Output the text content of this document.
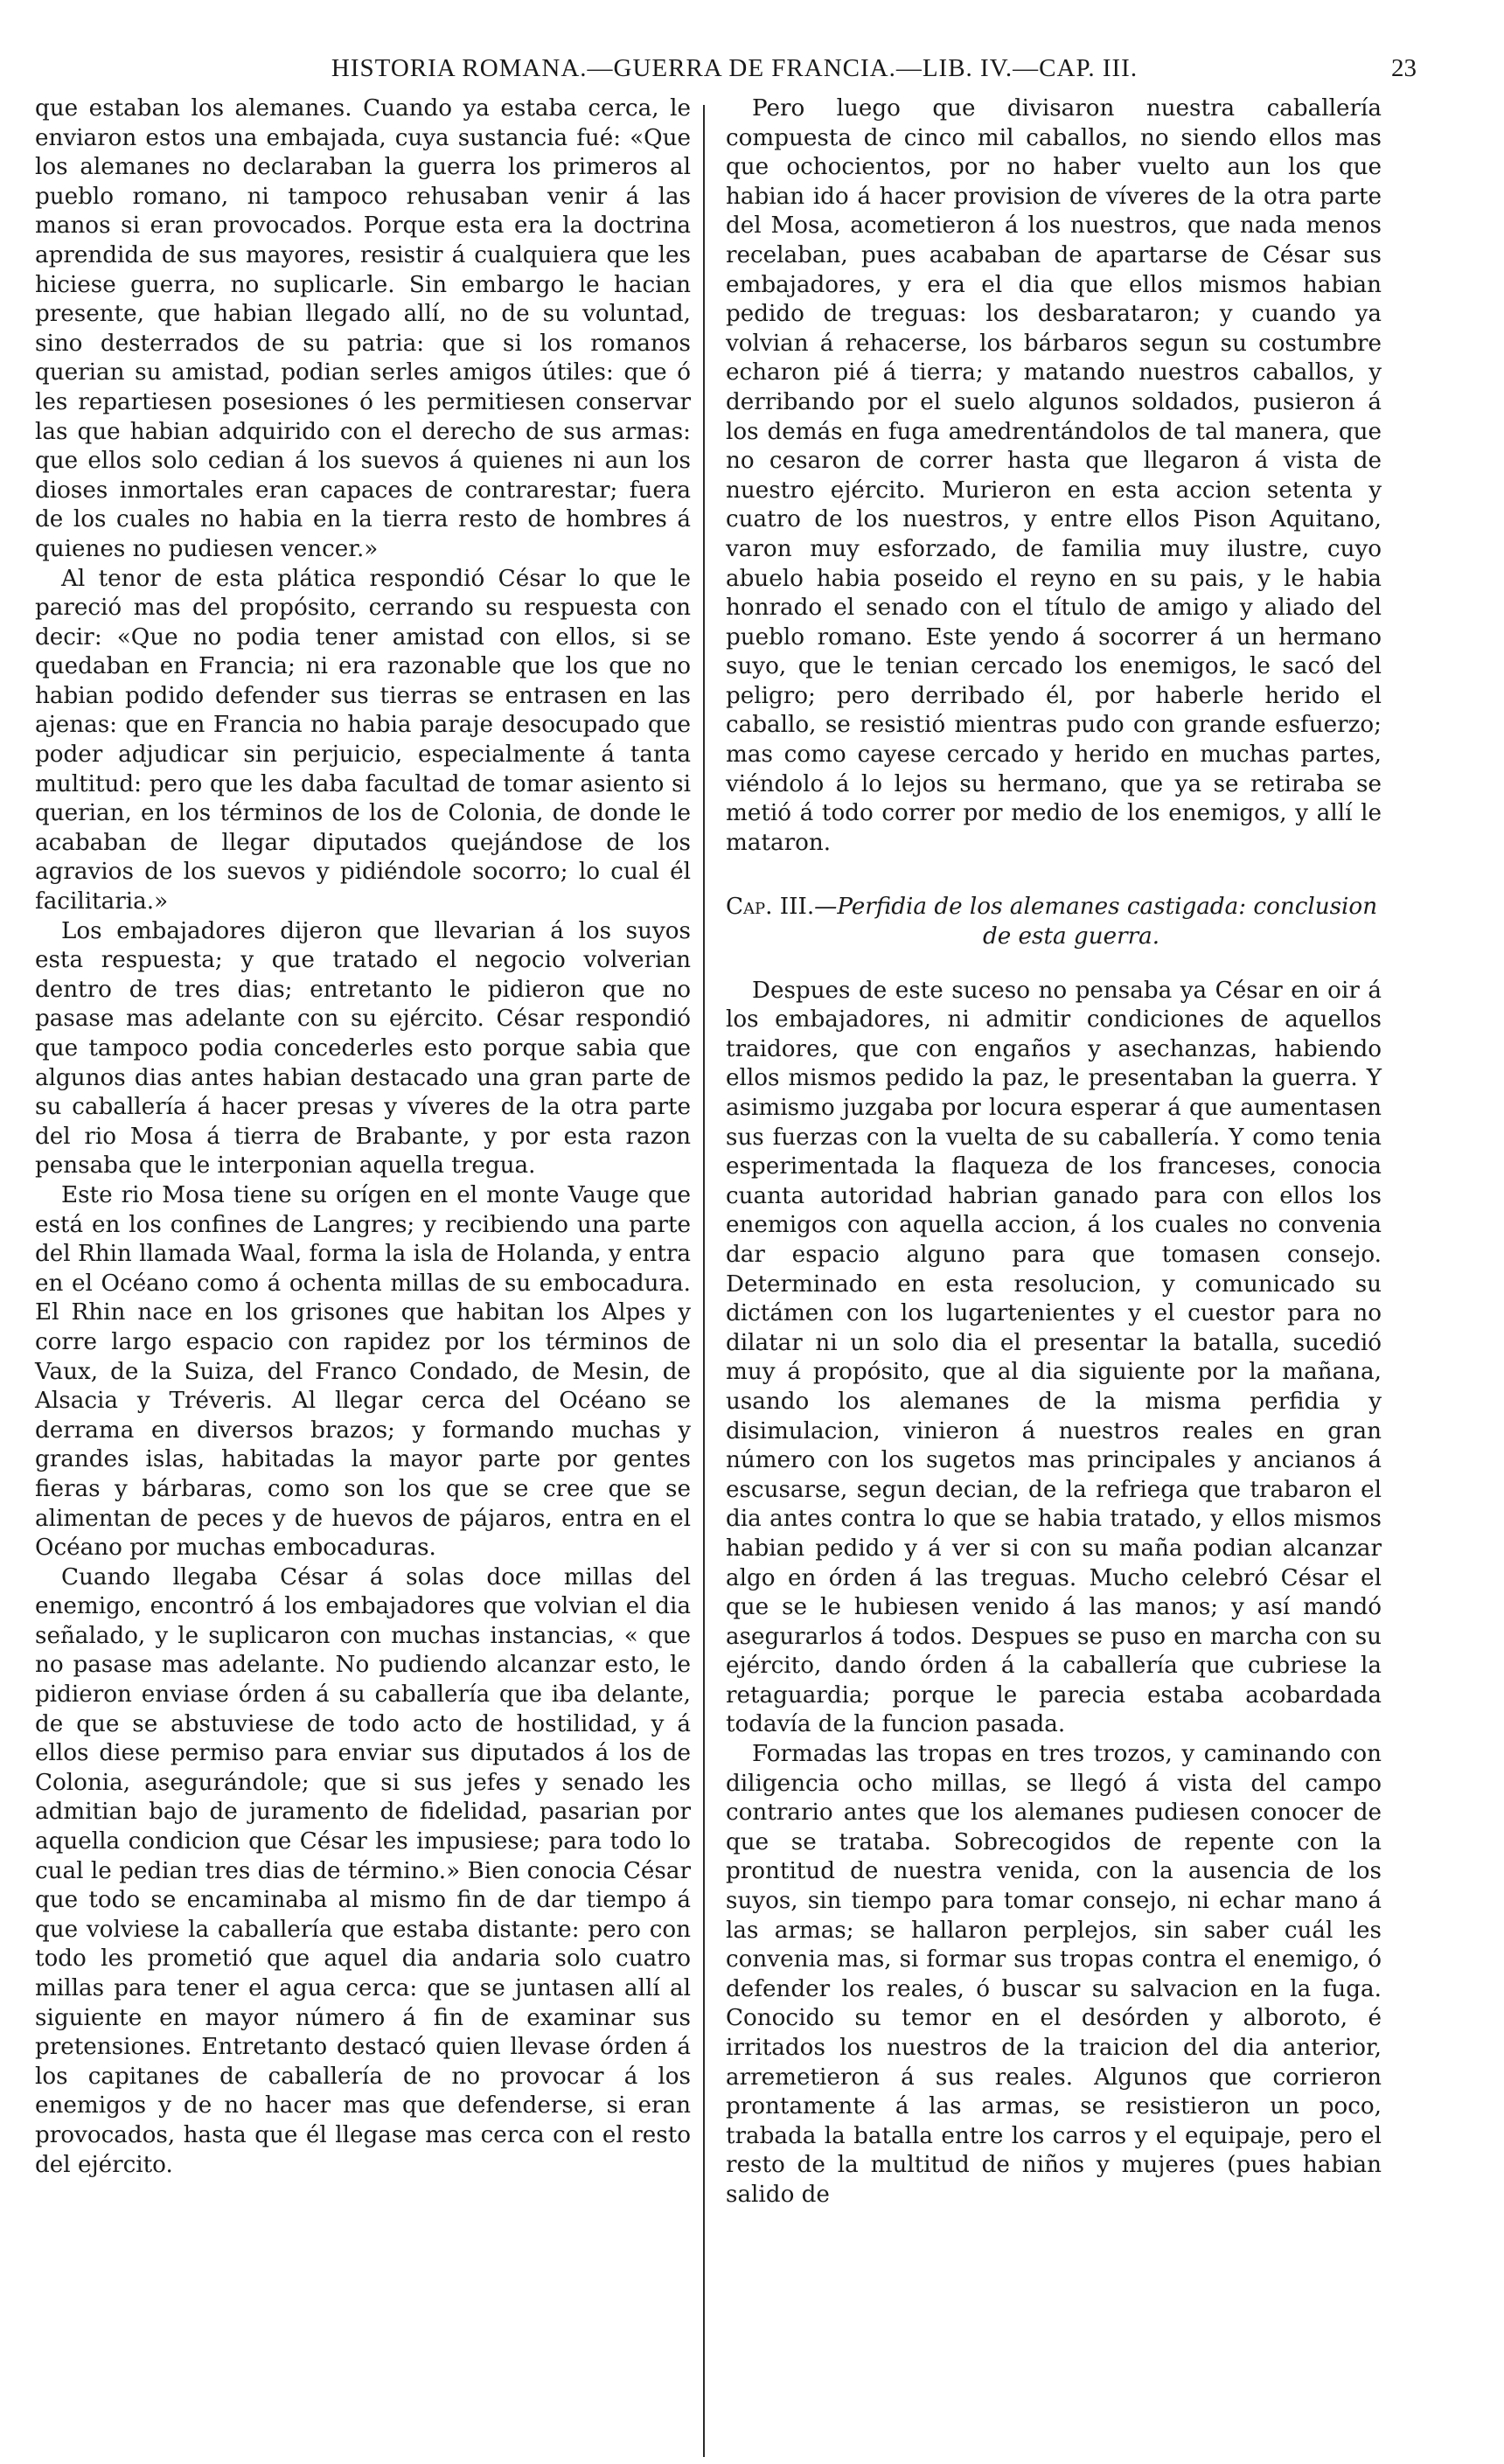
HISTORIA ROMANA.—GUERRA DE FRANCIA.—LIB. IV.—CAP. III.	23

que estaban los alemanes. Cuando ya estaba cerca, le enviaron estos una embajada, cuya sustancia fué: «Que los alemanes no declaraban la guerra los primeros al pueblo romano, ni tampoco rehusaban venir á las manos si eran provocados. Porque esta era la doctrina aprendida de sus mayores, resistir á cualquiera que les hiciese guerra, no suplicarle. Sin embargo le hacian presente, que habian llegado allí, no de su voluntad, sino desterrados de su patria: que si los romanos querian su amistad, podian serles amigos útiles: que ó les repartiesen posesiones ó les permitiesen conservar las que habian adquirido con el derecho de sus armas: que ellos solo cedian á los suevos á quienes ni aun los dioses inmortales eran capaces de contrarestar; fuera de los cuales no habia en la tierra resto de hombres á quienes no pudiesen vencer.»

Al tenor de esta plática respondió César lo que le pareció mas del propósito, cerrando su respuesta con decir: «Que no podia tener amistad con ellos, si se quedaban en Francia; ni era razonable que los que no habian podido defender sus tierras se entrasen en las ajenas: que en Francia no habia paraje desocupado que poder adjudicar sin perjuicio, especialmente á tanta multitud: pero que les daba facultad de tomar asiento si querian, en los términos de los de Colonia, de donde le acababan de llegar diputados quejándose de los agravios de los suevos y pidiéndole socorro; lo cual él facilitaria.»

Los embajadores dijeron que llevarian á los suyos esta respuesta; y que tratado el negocio volverian dentro de tres dias; entretanto le pidieron que no pasase mas adelante con su ejército. César respondió que tampoco podia concederles esto porque sabia que algunos dias antes habian destacado una gran parte de su caballería á hacer presas y víveres de la otra parte del rio Mosa á tierra de Brabante, y por esta razon pensaba que le interponian aquella tregua.

Este rio Mosa tiene su orígen en el monte Vauge que está en los confines de Langres; y recibiendo una parte del Rhin llamada Waal, forma la isla de Holanda, y entra en el Océano como á ochenta millas de su embocadura. El Rhin nace en los grisones que habitan los Alpes y corre largo espacio con rapidez por los términos de Vaux, de la Suiza, del Franco Condado, de Mesin, de Alsacia y Tréveris. Al llegar cerca del Océano se derrama en diversos brazos; y formando muchas y grandes islas, habitadas la mayor parte por gentes fieras y bárbaras, como son los que se cree que se alimentan de peces y de huevos de pájaros, entra en el Océano por muchas embocaduras.

Cuando llegaba César á solas doce millas del enemigo, encontró á los embajadores que volvian el dia señalado, y le suplicaron con muchas instancias, « que no pasase mas adelante. No pudiendo alcanzar esto, le pidieron enviase órden á su caballería que iba delante, de que se abstuviese de todo acto de hostilidad, y á ellos diese permiso para enviar sus diputados á los de Colonia, asegurándole; que si sus jefes y senado les admitian bajo de juramento de fidelidad, pasarian por aquella condicion que César les impusiese; para todo lo cual le pedian tres dias de término.» Bien conocia César que todo se encaminaba al mismo fin de dar tiempo á que volviese la caballería que estaba distante: pero con todo les prometió que aquel dia andaria solo cuatro millas para tener el agua cerca: que se juntasen allí al siguiente en mayor número á fin de examinar sus pretensiones. Entretanto destacó quien llevase órden á los capitanes de caballería de no provocar á los enemigos y de no hacer mas que defenderse, si eran provocados, hasta que él llegase mas cerca con el resto del ejército.

Pero luego que divisaron nuestra caballería compuesta de cinco mil caballos, no siendo ellos mas que ochocientos, por no haber vuelto aun los que habian ido á hacer provision de víveres de la otra parte del Mosa, acometieron á los nuestros, que nada menos recelaban, pues acababan de apartarse de César sus embajadores, y era el dia que ellos mismos habian pedido de treguas: los desbarataron; y cuando ya volvian á rehacerse, los bárbaros segun su costumbre echaron pié á tierra; y matando nuestros caballos, y derribando por el suelo algunos soldados, pusieron á los demás en fuga amedrentándolos de tal manera, que no cesaron de correr hasta que llegaron á vista de nuestro ejército. Murieron en esta accion setenta y cuatro de los nuestros, y entre ellos Pison Aquitano, varon muy esforzado, de familia muy ilustre, cuyo abuelo habia poseido el reyno en su pais, y le habia honrado el senado con el título de amigo y aliado del pueblo romano. Este yendo á socorrer á un hermano suyo, que le tenian cercado los enemigos, le sacó del peligro; pero derribado él, por haberle herido el caballo, se resistió mientras pudo con grande esfuerzo; mas como cayese cercado y herido en muchas partes, viéndolo á lo lejos su hermano, que ya se retiraba se metió á todo correr por medio de los enemigos, y allí le mataron.

Cap. III.—Perfidia de los alemanes castigada: conclusion
de esta guerra.

Despues de este suceso no pensaba ya César en oir á los embajadores, ni admitir condiciones de aquellos traidores, que con engaños y asechanzas, habiendo ellos mismos pedido la paz, le presentaban la guerra. Y asimismo juzgaba por locura esperar á que aumentasen sus fuerzas con la vuelta de su caballería. Y como tenia esperimentada la flaqueza de los franceses, conocia cuanta autoridad habrian ganado para con ellos los enemigos con aquella accion, á los cuales no convenia dar espacio alguno para que tomasen consejo. Determinado en esta resolucion, y comunicado su dictámen con los lugartenientes y el cuestor para no dilatar ni un solo dia el presentar la batalla, sucedió muy á propósito, que al dia siguiente por la mañana, usando los alemanes de la misma perfidia y disimulacion, vinieron á nuestros reales en gran número con los sugetos mas principales y ancianos á escusarse, segun decian, de la refriega que trabaron el dia antes contra lo que se habia tratado, y ellos mismos habian pedido y á ver si con su maña podian alcanzar algo en órden á las treguas. Mucho celebró César el que se le hubiesen venido á las manos; y así mandó asegurarlos á todos. Despues se puso en marcha con su ejército, dando órden á la caballería que cubriese la retaguardia; porque le parecia estaba acobardada todavía de la funcion pasada.

Formadas las tropas en tres trozos, y caminando con diligencia ocho millas, se llegó á vista del campo contrario antes que los alemanes pudiesen conocer de que se trataba. Sobrecogidos de repente con la prontitud de nuestra venida, con la ausencia de los suyos, sin tiempo para tomar consejo, ni echar mano á las armas; se hallaron perplejos, sin saber cuál les convenia mas, si formar sus tropas contra el enemigo, ó defender los reales, ó buscar su salvacion en la fuga. Conocido su temor en el desórden y alboroto, é irritados los nuestros de la traicion del dia anterior, arremetieron á sus reales. Algunos que corrieron prontamente á las armas, se resistieron un poco, trabada la batalla entre los carros y el equipaje, pero el resto de la multitud de niños y mujeres (pues habian salido de
